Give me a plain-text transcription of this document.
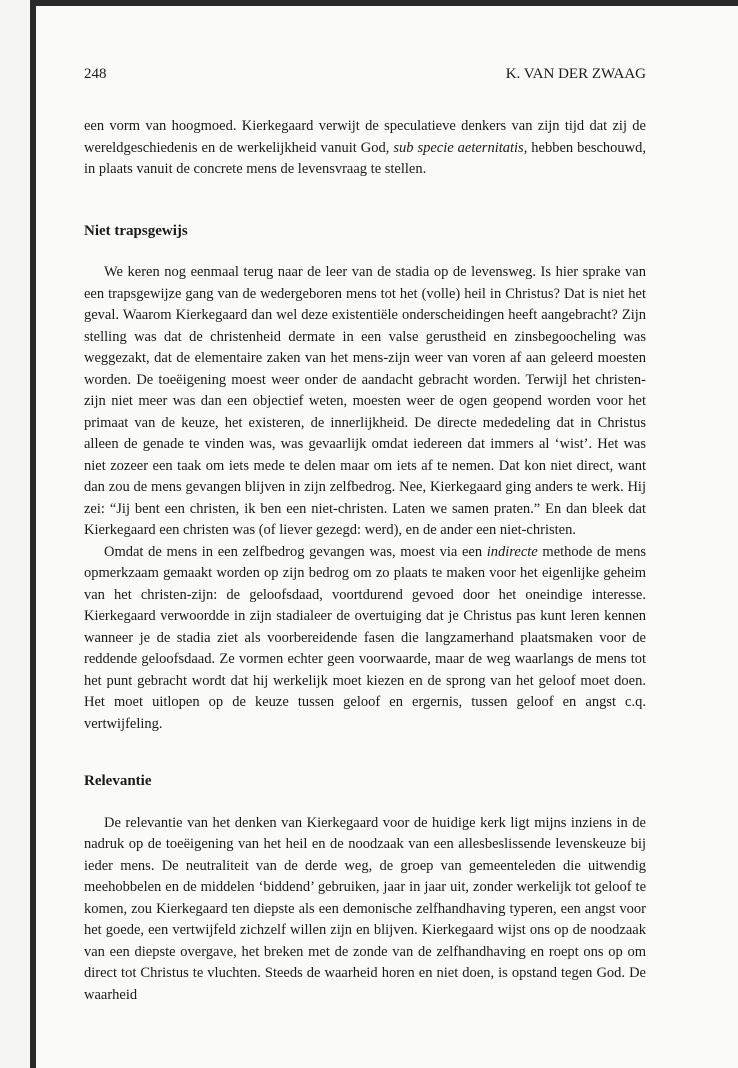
248	K. VAN DER ZWAAG

een vorm van hoogmoed. Kierkegaard verwijt de speculatieve denkers van zijn tijd dat zij de wereldgeschiedenis en de werkelijkheid vanuit God, sub specie aeternitatis, hebben beschouwd, in plaats vanuit de concrete mens de levensvraag te stellen.

Niet trapsgewijs

We keren nog eenmaal terug naar de leer van de stadia op de levensweg. Is hier sprake van een trapsgewijze gang van de wedergeboren mens tot het (volle) heil in Christus? Dat is niet het geval. Waarom Kierkegaard dan wel deze existentiële onderscheidingen heeft aangebracht? Zijn stelling was dat de christenheid dermate in een valse gerustheid en zinsbegoocheling was weggezakt, dat de elementaire zaken van het mens-zijn weer van voren af aan geleerd moesten worden. De toeëigening moest weer onder de aandacht gebracht worden. Terwijl het christen-zijn niet meer was dan een objectief weten, moesten weer de ogen geopend worden voor het primaat van de keuze, het existeren, de innerlijkheid. De directe mededeling dat in Christus alleen de genade te vinden was, was gevaarlijk omdat iedereen dat immers al ‘wist’. Het was niet zozeer een taak om iets mede te delen maar om iets af te nemen. Dat kon niet direct, want dan zou de mens gevangen blijven in zijn zelfbedrog. Nee, Kierkegaard ging anders te werk. Hij zei: “Jij bent een christen, ik ben een niet-christen. Laten we samen praten.” En dan bleek dat Kierkegaard een christen was (of liever gezegd: werd), en de ander een niet-christen.

Omdat de mens in een zelfbedrog gevangen was, moest via een indirecte methode de mens opmerkzaam gemaakt worden op zijn bedrog om zo plaats te maken voor het eigenlijke geheim van het christen-zijn: de geloofsdaad, voortdurend gevoed door het oneindige interesse. Kierkegaard verwoordde in zijn stadialeer de overtuiging dat je Christus pas kunt leren kennen wanneer je de stadia ziet als voorbereidende fasen die langzamerhand plaatsmaken voor de reddende geloofsdaad. Ze vormen echter geen voorwaarde, maar de weg waarlangs de mens tot het punt gebracht wordt dat hij werkelijk moet kiezen en de sprong van het geloof moet doen. Het moet uitlopen op de keuze tussen geloof en ergernis, tussen geloof en angst c.q. vertwijfeling.

Relevantie

De relevantie van het denken van Kierkegaard voor de huidige kerk ligt mijns inziens in de nadruk op de toeëigening van het heil en de noodzaak van een allesbeslissende levenskeuze bij ieder mens. De neutraliteit van de derde weg, de groep van gemeenteleden die uitwendig meehobbelen en de middelen ‘biddend’ gebruiken, jaar in jaar uit, zonder werkelijk tot geloof te komen, zou Kierkegaard ten diepste als een demonische zelfhandhaving typeren, een angst voor het goede, een vertwijfeld zichzelf willen zijn en blijven. Kierkegaard wijst ons op de noodzaak van een diepste overgave, het breken met de zonde van de zelfhandhaving en roept ons op om direct tot Christus te vluchten. Steeds de waarheid horen en niet doen, is opstand tegen God. De waarheid
